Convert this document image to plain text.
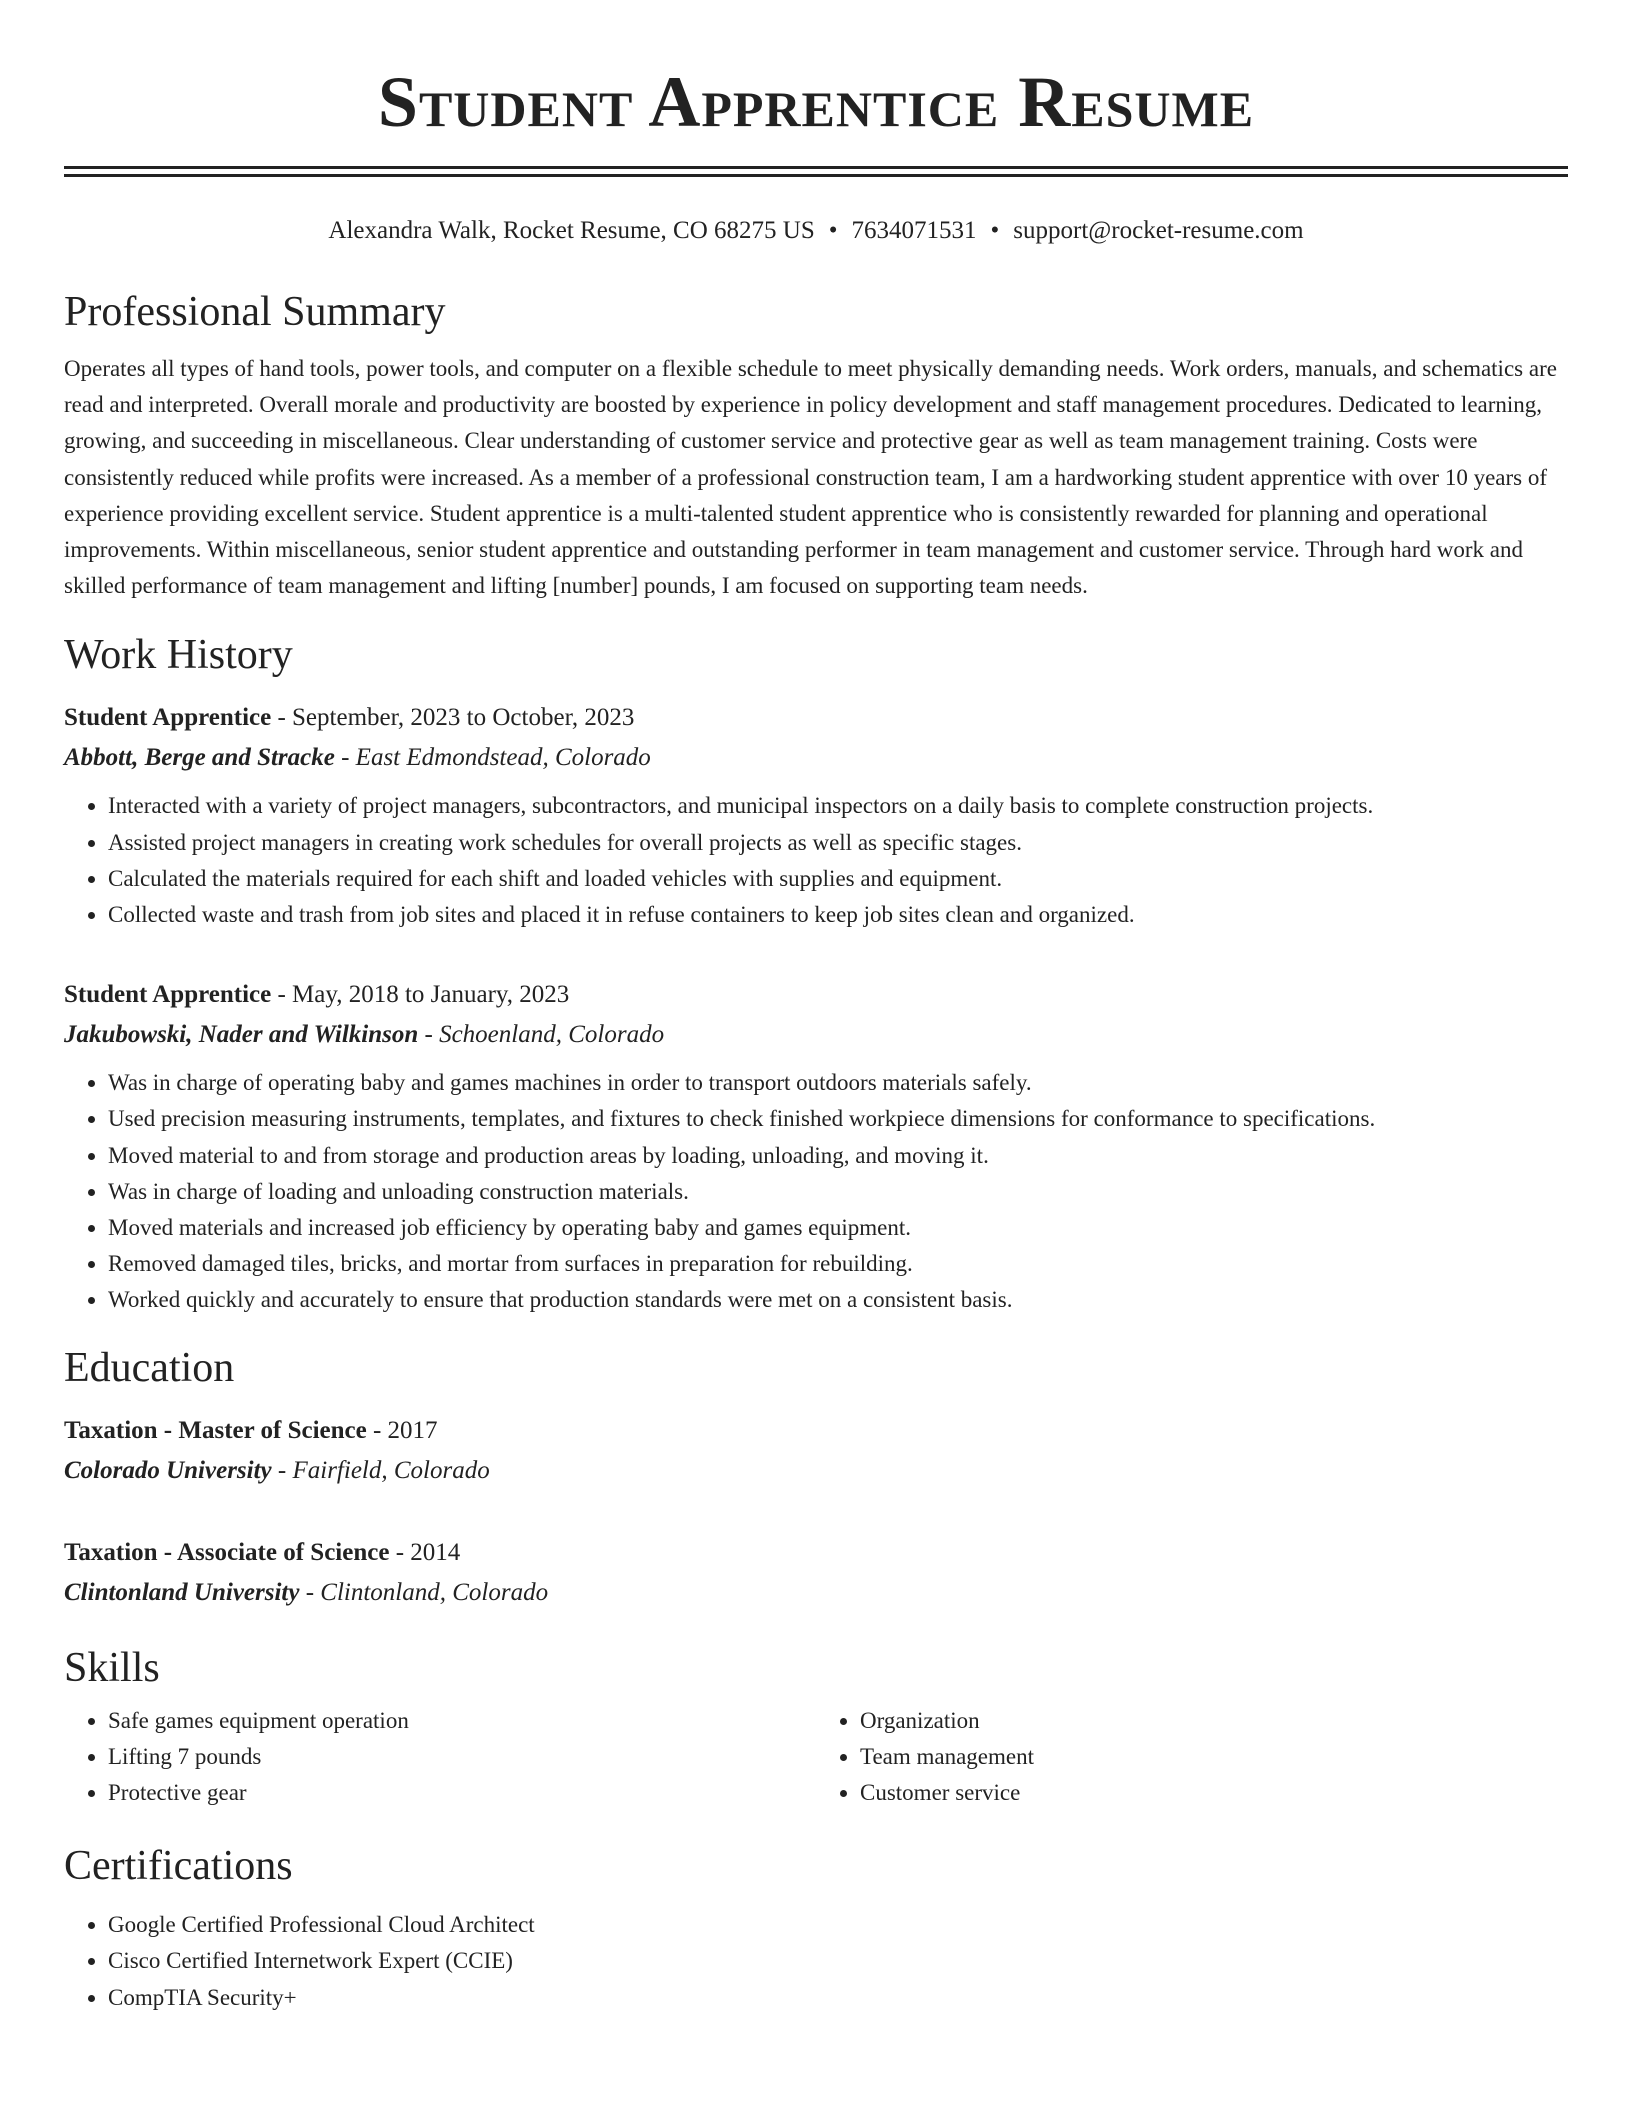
Student Apprentice Resume
Alexandra Walk, Rocket Resume, CO 68275 US • 7634071531 • support@rocket-resume.com
Professional Summary

Operates all types of hand tools, power tools, and computer on a flexible schedule to meet physically demanding needs. Work orders, manuals, and schematics are read and interpreted. Overall morale and productivity are boosted by experience in policy development and staff management procedures. Dedicated to learning, growing, and succeeding in miscellaneous. Clear understanding of customer service and protective gear as well as team management training. Costs were consistently reduced while profits were increased. As a member of a professional construction team, I am a hardworking student apprentice with over 10 years of experience providing excellent service. Student apprentice is a multi-talented student apprentice who is consistently rewarded for planning and operational improvements. Within miscellaneous, senior student apprentice and outstanding performer in team management and customer service. Through hard work and skilled performance of team management and lifting [number] pounds, I am focused on supporting team needs.

Work History
Student Apprentice - September, 2023 to October, 2023
Abbott, Berge and Stracke - East Edmondstead, Colorado
• Interacted with a variety of project managers, subcontractors, and municipal inspectors on a daily basis to complete construction projects.
• Assisted project managers in creating work schedules for overall projects as well as specific stages.
• Calculated the materials required for each shift and loaded vehicles with supplies and equipment.
• Collected waste and trash from job sites and placed it in refuse containers to keep job sites clean and organized.
Student Apprentice - May, 2018 to January, 2023
Jakubowski, Nader and Wilkinson - Schoenland, Colorado
• Was in charge of operating baby and games machines in order to transport outdoors materials safely.
• Used precision measuring instruments, templates, and fixtures to check finished workpiece dimensions for conformance to specifications.
• Moved material to and from storage and production areas by loading, unloading, and moving it.
• Was in charge of loading and unloading construction materials.
• Moved materials and increased job efficiency by operating baby and games equipment.
• Removed damaged tiles, bricks, and mortar from surfaces in preparation for rebuilding.
• Worked quickly and accurately to ensure that production standards were met on a consistent basis.
Education
Taxation - Master of Science - 2017
Colorado University - Fairfield, Colorado
Taxation - Associate of Science - 2014
Clintonland University - Clintonland, Colorado
Skills
• Safe games equipment operation
• Lifting 7 pounds
• Protective gear
• Organization
• Team management
• Customer service
Certifications
• Google Certified Professional Cloud Architect
• Cisco Certified Internetwork Expert (CCIE)
• CompTIA Security+
